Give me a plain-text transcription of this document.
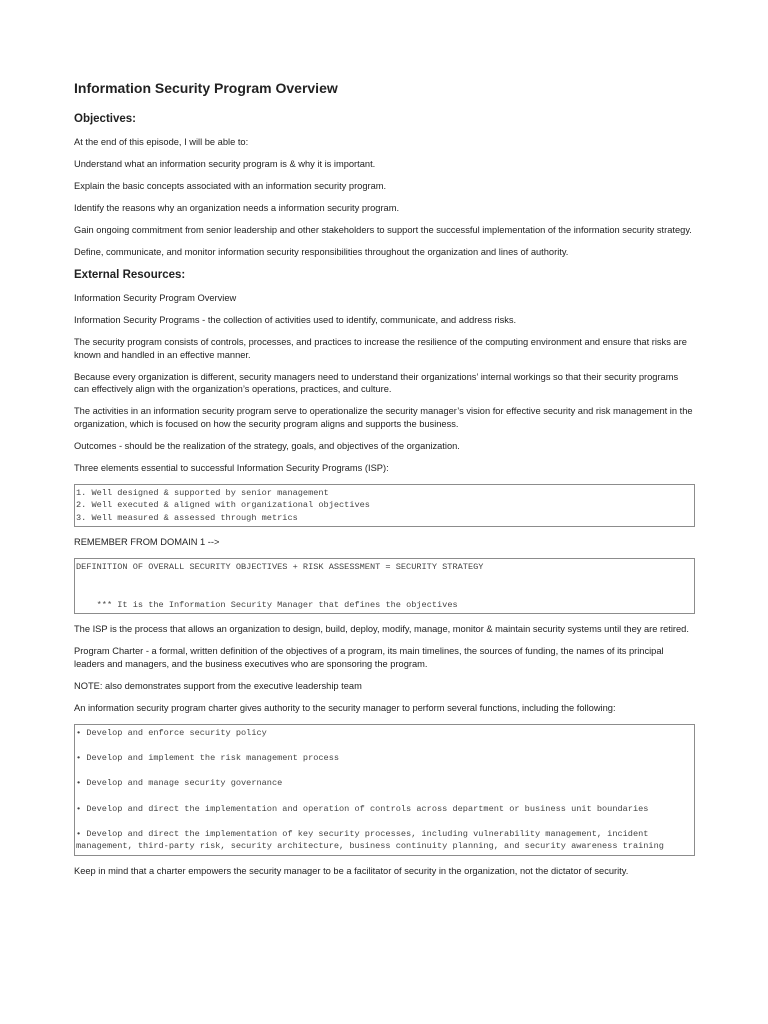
Information Security Program Overview
Objectives:

At the end of this episode, I will be able to:

Understand what an information security program is & why it is important.

Explain the basic concepts associated with an information security program.

Identify the reasons why an organization needs a information security program.

Gain ongoing commitment from senior leadership and other stakeholders to support the successful implementation of the information security strategy.

Define, communicate, and monitor information security responsibilities throughout the organization and lines of authority.

External Resources:

Information Security Program Overview

Information Security Programs - the collection of activities used to identify, communicate, and address risks.

The security program consists of controls, processes, and practices to increase the resilience of the computing environment and ensure that risks are known and handled in an effective manner.

Because every organization is different, security managers need to understand their organizations’ internal workings so that their security programs can effectively align with the organization’s operations, practices, and culture.

The activities in an information security program serve to operationalize the security manager’s vision for effective security and risk management in the organization, which is focused on how the security program aligns and supports the business.

Outcomes - should be the realization of the strategy, goals, and objectives of the organization.

Three elements essential to successful Information Security Programs (ISP):

1. Well designed & supported by senior management
2. Well executed & aligned with organizational objectives
3. Well measured & assessed through metrics

REMEMBER FROM DOMAIN 1 -->

DEFINITION OF OVERALL SECURITY OBJECTIVES + RISK ASSESSMENT = SECURITY STRATEGY
*** It is the Information Security Manager that defines the objectives

The ISP is the process that allows an organization to design, build, deploy, modify, manage, monitor & maintain security systems until they are retired.

Program Charter - a formal, written definition of the objectives of a program, its main timelines, the sources of funding, the names of its principal leaders and managers, and the business executives who are sponsoring the program.

NOTE: also demonstrates support from the executive leadership team

An information security program charter gives authority to the security manager to perform several functions, including the following:

• Develop and enforce security policy
• Develop and implement the risk management process
• Develop and manage security governance
• Develop and direct the implementation and operation of controls across department or business unit boundaries
• Develop and direct the implementation of key security processes, including vulnerability management, incident management, third-party risk, security architecture, business continuity planning, and security awareness training

Keep in mind that a charter empowers the security manager to be a facilitator of security in the organization, not the dictator of security.
